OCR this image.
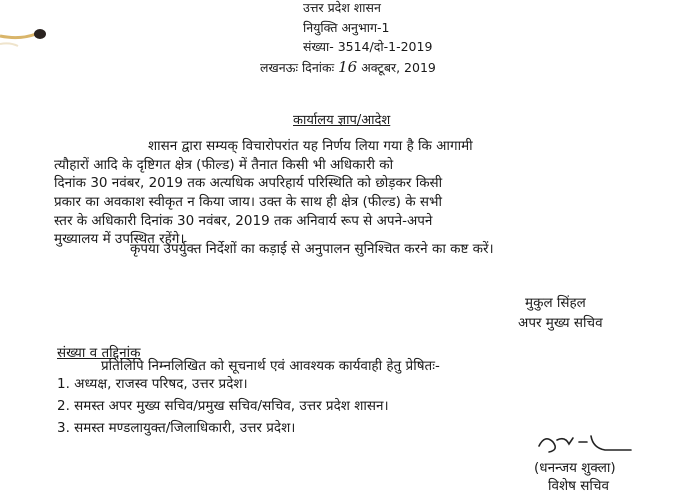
उत्तर प्रदेश शासन
नियुक्ति अनुभाग-1
संख्या- 3514/दो-1-2019
लखनऊः दिनांकः 16 अक्टूबर, 2019
कार्यालय ज्ञाप/आदेश
शासन द्वारा सम्यक् विचारोपरांत यह निर्णय लिया गया है कि आगामी
त्यौहारों आदि के दृष्टिगत क्षेत्र (फील्ड) में तैनात किसी भी अधिकारी को
दिनांक 30 नवंबर, 2019 तक अत्यधिक अपरिहार्य परिस्थिति को छोड़कर किसी
प्रकार का अवकाश स्वीकृत न किया जाय। उक्त के साथ ही क्षेत्र (फील्ड) के सभी
स्तर के अधिकारी दिनांक 30 नवंबर, 2019 तक अनिवार्य रूप से अपने-अपने
मुख्यालय में उपस्थित रहेंगे।
कृपया उपर्युक्त निर्देशों का कड़ाई से अनुपालन सुनिश्चित करने का कष्ट करें।
मुकुल सिंहल
अपर मुख्य सचिव
संख्या व तद्दिनांक
प्रतिलिपि निम्नलिखित को सूचनार्थ एवं आवश्यक कार्यवाही हेतु प्रेषितः-
1. अध्यक्ष, राजस्व परिषद, उत्तर प्रदेश।
2. समस्त अपर मुख्य सचिव/प्रमुख सचिव/सचिव, उत्तर प्रदेश शासन।
3. समस्त मण्डलायुक्त/जिलाधिकारी, उत्तर प्रदेश।
(धनन्जय शुक्ला)
विशेष सचिव
